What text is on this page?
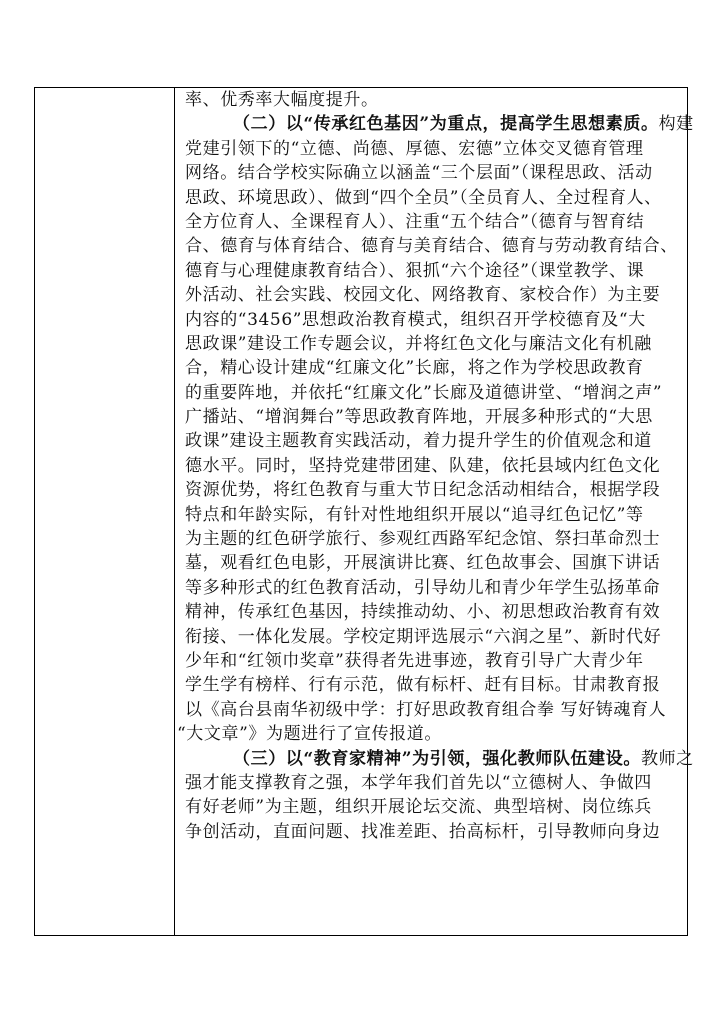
率、优秀率大幅度提升。
（二）以“传承红色基因”为重点，提高学生思想素质。构建
党建引领下的“立德、尚德、厚德、宏德”立体交叉德育管理
网络。结合学校实际确立以涵盖“三个层面”（课程思政、活动
思政、环境思政）、做到“四个全员”（全员育人、全过程育人、
全方位育人、全课程育人）、注重“五个结合”（德育与智育结
合、德育与体育结合、德育与美育结合、德育与劳动教育结合、
德育与心理健康教育结合）、狠抓“六个途径”（课堂教学、课
外活动、社会实践、校园文化、网络教育、家校合作）为主要
内容的“3456”思想政治教育模式，组织召开学校德育及“大
思政课”建设工作专题会议，并将红色文化与廉洁文化有机融
合，精心设计建成“红廉文化”长廊，将之作为学校思政教育
的重要阵地，并依托“红廉文化”长廊及道德讲堂、“增润之声”
广播站、“增润舞台”等思政教育阵地，开展多种形式的“大思
政课”建设主题教育实践活动，着力提升学生的价值观念和道
德水平。同时，坚持党建带团建、队建，依托县域内红色文化
资源优势，将红色教育与重大节日纪念活动相结合，根据学段
特点和年龄实际，有针对性地组织开展以“追寻红色记忆”等
为主题的红色研学旅行、参观红西路军纪念馆、祭扫革命烈士
墓，观看红色电影，开展演讲比赛、红色故事会、国旗下讲话
等多种形式的红色教育活动，引导幼儿和青少年学生弘扬革命
精神，传承红色基因，持续推动幼、小、初思想政治教育有效
衔接、一体化发展。学校定期评选展示“六润之星”、新时代好
少年和“红领巾奖章”获得者先进事迹，教育引导广大青少年
学生学有榜样、行有示范，做有标杆、赶有目标。甘肃教育报
以《高台县南华初级中学：打好思政教育组合拳 写好铸魂育人
“大文章”》为题进行了宣传报道。
（三）以“教育家精神”为引领，强化教师队伍建设。教师之
强才能支撑教育之强，本学年我们首先以“立德树人、争做四
有好老师”为主题，组织开展论坛交流、典型培树、岗位练兵
争创活动，直面问题、找准差距、抬高标杆，引导教师向身边
